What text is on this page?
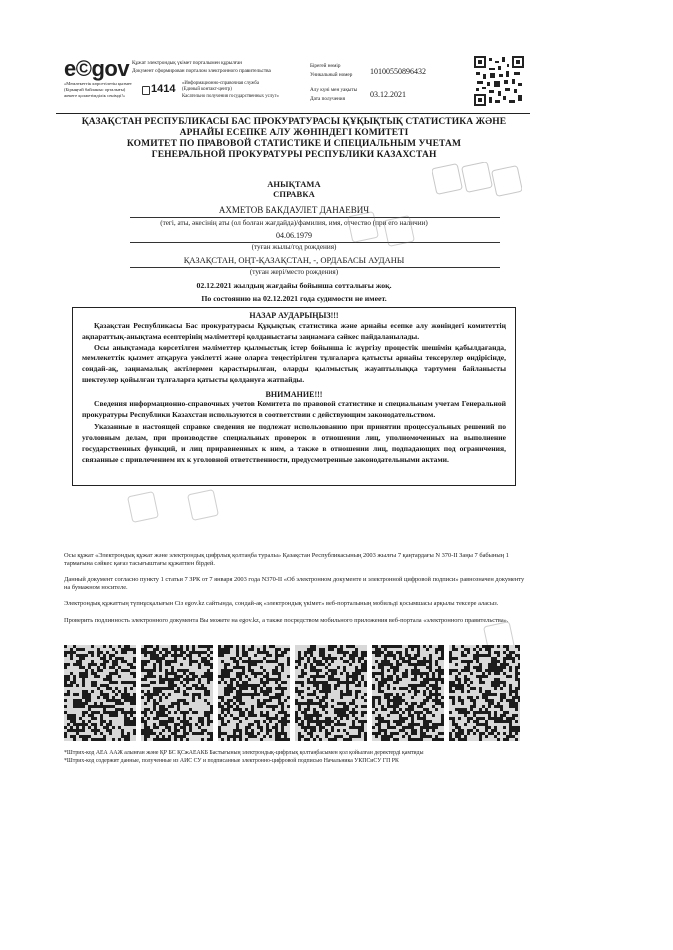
e©gov
«Мемлекеттік көрсетілетін қызмет
(Бірыңғай байланыс орталығы)
жекеге қолжетімділік сенімді!»
1414
Құжат электрондық үкімет порталымен құрылған
Документ сформирован порталом электронного правительства
«Информационно-справочная служба
(Единый контакт-центр)
Касательно получения государственных услуг»
Бірегей нөмір
Уникальный номер 10100550896432
Алу күні мен уақыты
Дата получения	03.12.2021
ҚАЗАҚСТАН РЕСПУБЛИКАСЫ БАС ПРОКУРАТУРАСЫ ҚҰҚЫҚТЫҚ СТАТИСТИКА ЖӘНЕ
АРНАЙЫ ЕСЕПКЕ АЛУ ЖӨНІНДЕГІ КОМИТЕТІ
КОМИТЕТ ПО ПРАВОВОЙ СТАТИСТИКЕ И СПЕЦИАЛЬНЫМ УЧЕТАМ
ГЕНЕРАЛЬНОЙ ПРОКУРАТУРЫ РЕСПУБЛИКИ КАЗАХСТАН
АНЫҚТАМА
СПРАВКА
АХМЕТОВ БАКДАУЛЕТ ДАНАЕВИЧ
(тегі, аты, әкесінің аты (ол болған жағдайда)/фамилия, имя, отчество (при его наличии)
04.06.1979
(туған жылы/год рождения)
ҚАЗАҚСТАН, ОҢТ-ҚАЗАҚСТАН, -, ОРДАБАСЫ АУДАНЫ
(туған жері/место рождения)
02.12.2021 жылдың жағдайы бойынша сотталығы жоқ.
По состоянию на 02.12.2021 года судимости не имеет.
НАЗАР АУДАРЫҢЫЗ!!!
Қазақстан Республикасы Бас прокуратурасы Құқықтық статистика және арнайы есепке алу жөніндегі комитеттің ақпараттық-анықтама есептерінің мәліметтері қолданыстағы заңнамаға сәйкес пайдаланылады.
Осы анықтамада көрсетілген мәліметтер қылмыстық істер бойынша іс жүргізу процестік шешімін қабылдағанда, мемлекеттік қызмет атқаруға уәкілетті және оларға теңестірілген тұлғаларға қатысты арнайы тексерулер өндірісінде, сондай-ақ, заңнамалық актілермен қарастырылған, оларды қылмыстық жауаптылыққа тартумен байланысты шектеулер қойылған тұлғаларға қатысты қолдануға жатпайды.
ВНИМАНИЕ!!!
Сведения информационно-справочных учетов Комитета по правовой статистике и специальным учетам Генеральной прокуратуры Республики Казахстан используются в соответствии с действующим законодательством.
Указанные в настоящей справке сведения не подлежат использованию при принятии процессуальных решений по уголовным делам, при производстве специальных проверок в отношении лиц, уполномоченных на выполнение государственных функций, и лиц приравненных к ним, а также в отношении лиц, подпадающих под ограничения, связанные с привлечением их к уголовной ответственности, предусмотренные законодательными актами.
Осы құжат «Электрондық құжат және электрондық цифрлық қолтаңба туралы» Қазақстан Республикасының 2003 жылғы 7 қаңтардағы N 370-II Заңы 7 бабының 1 тармағына сәйкес қағаз тасығыштағы құжатпен бірдей.
Данный документ согласно пункту 1 статьи 7 ЗРК от 7 января 2003 года N370-II «Об электронном документе и электронной цифровой подписи» равнозначен документу на бумажном носителе.
Электрондық құжаттың түпнұсқалығын Сіз egov.kz сайтында, сондай-ақ «электрондық үкімет» веб-порталының мобильді қосымшасы арқылы тексере аласыз.
Проверить подлинность электронного документа Вы можете на egov.kz, а также посредством мобильного приложения веб-портала «электронного правительства».
*Штрих-код АЕА ААЖ алынған және ҚР БС ҚСжАЕАКБ Бастығының электрондық-цифрлық қолтаңбасымен қол қойылған деректерді қамтиды
*Штрих-код содержит данные, полученные из АИС СУ и подписанные электронно-цифровой подписью Начальника УКПСиСУ ГП РК
